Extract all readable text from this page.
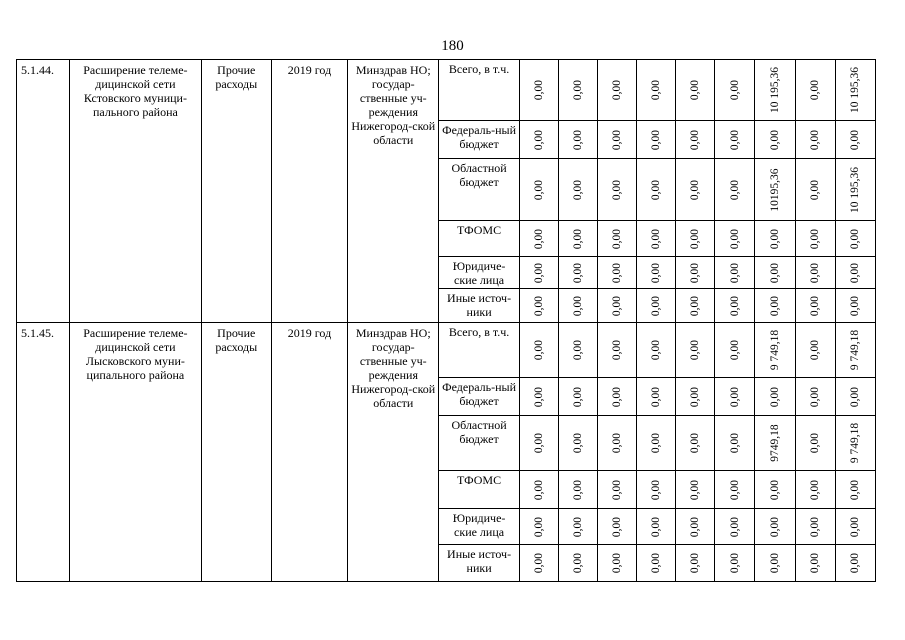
180
5.1.44.	Расширение телеме-дицинской сети Кстовского муници-пального района	Прочие расходы	2019 год	Минздрав НО; государ-ственные уч-реждения Нижегород-ской области	Всего, в т.ч.	0,00	0,00	0,00	0,00	0,00	0,00	10 195,36	0,00	10 195,36

					Федераль-ный бюджет	0,00	0,00	0,00	0,00	0,00	0,00	0,00	0,00	0,00

					Областной бюджет	0,00	0,00	0,00	0,00	0,00	0,00	10195,36	0,00	10 195,36

					ТФОМС	0,00	0,00	0,00	0,00	0,00	0,00	0,00	0,00	0,00

					Юридиче-ские лица	0,00	0,00	0,00	0,00	0,00	0,00	0,00	0,00	0,00

					Иные источ-ники	0,00	0,00	0,00	0,00	0,00	0,00	0,00	0,00	0,00

5.1.45.	Расширение телеме-дицинской сети Лысковского муни-ципального района	Прочие расходы	2019 год	Минздрав НО; государ-ственные уч-реждения Нижегород-ской области	Всего, в т.ч.	0,00	0,00	0,00	0,00	0,00	0,00	9 749,18	0,00	9 749,18

					Федераль-ный бюджет	0,00	0,00	0,00	0,00	0,00	0,00	0,00	0,00	0,00

					Областной бюджет	0,00	0,00	0,00	0,00	0,00	0,00	9749,18	0,00	9 749,18

					ТФОМС	0,00	0,00	0,00	0,00	0,00	0,00	0,00	0,00	0,00

					Юридиче-ские лица	0,00	0,00	0,00	0,00	0,00	0,00	0,00	0,00	0,00

					Иные источ-ники	0,00	0,00	0,00	0,00	0,00	0,00	0,00	0,00	0,00
